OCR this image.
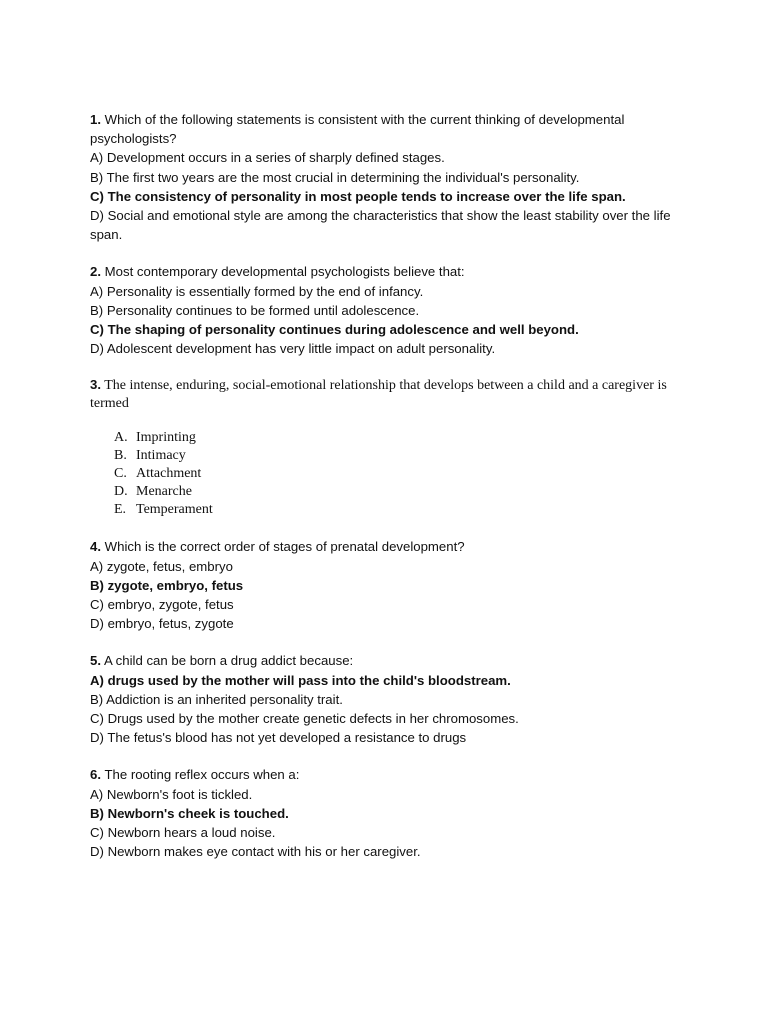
1. Which of the following statements is consistent with the current thinking of developmental psychologists?
A) Development occurs in a series of sharply defined stages.
B) The first two years are the most crucial in determining the individual's personality.
C) The consistency of personality in most people tends to increase over the life span.
D) Social and emotional style are among the characteristics that show the least stability over the life span.
2. Most contemporary developmental psychologists believe that:
A) Personality is essentially formed by the end of infancy.
B) Personality continues to be formed until adolescence.
C) The shaping of personality continues during adolescence and well beyond.
D) Adolescent development has very little impact on adult personality.
3. The intense, enduring, social-emotional relationship that develops between a child and a caregiver is termed
A. Imprinting
B. Intimacy
C. Attachment
D. Menarche
E. Temperament
4. Which is the correct order of stages of prenatal development?
A) zygote, fetus, embryo
B) zygote, embryo, fetus
C) embryo, zygote, fetus
D) embryo, fetus, zygote
5. A child can be born a drug addict because:
A) drugs used by the mother will pass into the child's bloodstream.
B) Addiction is an inherited personality trait.
C) Drugs used by the mother create genetic defects in her chromosomes.
D) The fetus's blood has not yet developed a resistance to drugs
6. The rooting reflex occurs when a:
A) Newborn's foot is tickled.
B) Newborn's cheek is touched.
C) Newborn hears a loud noise.
D) Newborn makes eye contact with his or her caregiver.
